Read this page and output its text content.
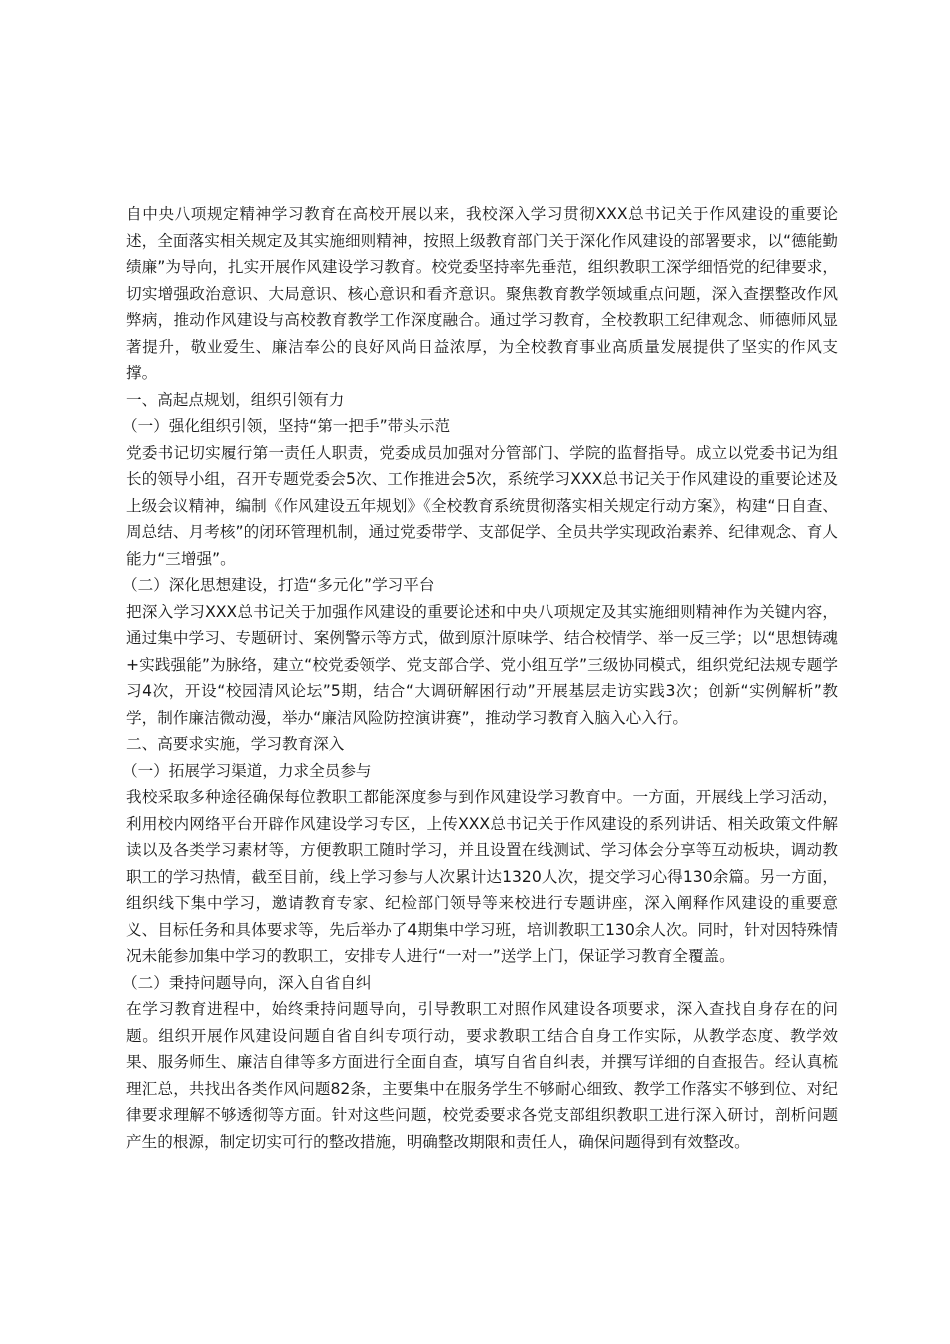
自中央八项规定精神学习教育在高校开展以来，我校深入学习贯彻XXX总书记关于作风建设的重要论述，全面落实相关规定及其实施细则精神，按照上级教育部门关于深化作风建设的部署要求，以“德能勤绩廉”为导向，扎实开展作风建设学习教育。校党委坚持率先垂范，组织教职工深学细悟党的纪律要求，切实增强政治意识、大局意识、核心意识和看齐意识。聚焦教育教学领域重点问题，深入查摆整改作风弊病，推动作风建设与高校教育教学工作深度融合。通过学习教育，全校教职工纪律观念、师德师风显著提升，敬业爱生、廉洁奉公的良好风尚日益浓厚，为全校教育事业高质量发展提供了坚实的作风支撑。

一、高起点规划，组织引领有力

（一）强化组织引领，坚持“第一把手”带头示范

党委书记切实履行第一责任人职责，党委成员加强对分管部门、学院的监督指导。成立以党委书记为组长的领导小组，召开专题党委会5次、工作推进会5次，系统学习XXX总书记关于作风建设的重要论述及上级会议精神，编制《作风建设五年规划》《全校教育系统贯彻落实相关规定行动方案》，构建“日自查、周总结、月考核”的闭环管理机制，通过党委带学、支部促学、全员共学实现政治素养、纪律观念、育人能力“三增强”。

（二）深化思想建设，打造“多元化”学习平台

把深入学习XXX总书记关于加强作风建设的重要论述和中央八项规定及其实施细则精神作为关键内容，通过集中学习、专题研讨、案例警示等方式，做到原汁原味学、结合校情学、举一反三学；以“思想铸魂+实践强能”为脉络，建立“校党委领学、党支部合学、党小组互学”三级协同模式，组织党纪法规专题学习4次，开设“校园清风论坛”5期，结合“大调研解困行动”开展基层走访实践3次；创新“实例解析”教学，制作廉洁微动漫，举办“廉洁风险防控演讲赛”，推动学习教育入脑入心入行。

二、高要求实施，学习教育深入

（一）拓展学习渠道，力求全员参与

我校采取多种途径确保每位教职工都能深度参与到作风建设学习教育中。一方面，开展线上学习活动，利用校内网络平台开辟作风建设学习专区，上传XXX总书记关于作风建设的系列讲话、相关政策文件解读以及各类学习素材等，方便教职工随时学习，并且设置在线测试、学习体会分享等互动板块，调动教职工的学习热情，截至目前，线上学习参与人次累计达1320人次，提交学习心得130余篇。另一方面，组织线下集中学习，邀请教育专家、纪检部门领导等来校进行专题讲座，深入阐释作风建设的重要意义、目标任务和具体要求等，先后举办了4期集中学习班，培训教职工130余人次。同时，针对因特殊情况未能参加集中学习的教职工，安排专人进行“一对一”送学上门，保证学习教育全覆盖。

（二）秉持问题导向，深入自省自纠

在学习教育进程中，始终秉持问题导向，引导教职工对照作风建设各项要求，深入查找自身存在的问题。组织开展作风建设问题自省自纠专项行动，要求教职工结合自身工作实际，从教学态度、教学效果、服务师生、廉洁自律等多方面进行全面自查，填写自省自纠表，并撰写详细的自查报告。经认真梳理汇总，共找出各类作风问题82条，主要集中在服务学生不够耐心细致、教学工作落实不够到位、对纪律要求理解不够透彻等方面。针对这些问题，校党委要求各党支部组织教职工进行深入研讨，剖析问题产生的根源，制定切实可行的整改措施，明确整改期限和责任人，确保问题得到有效整改。
